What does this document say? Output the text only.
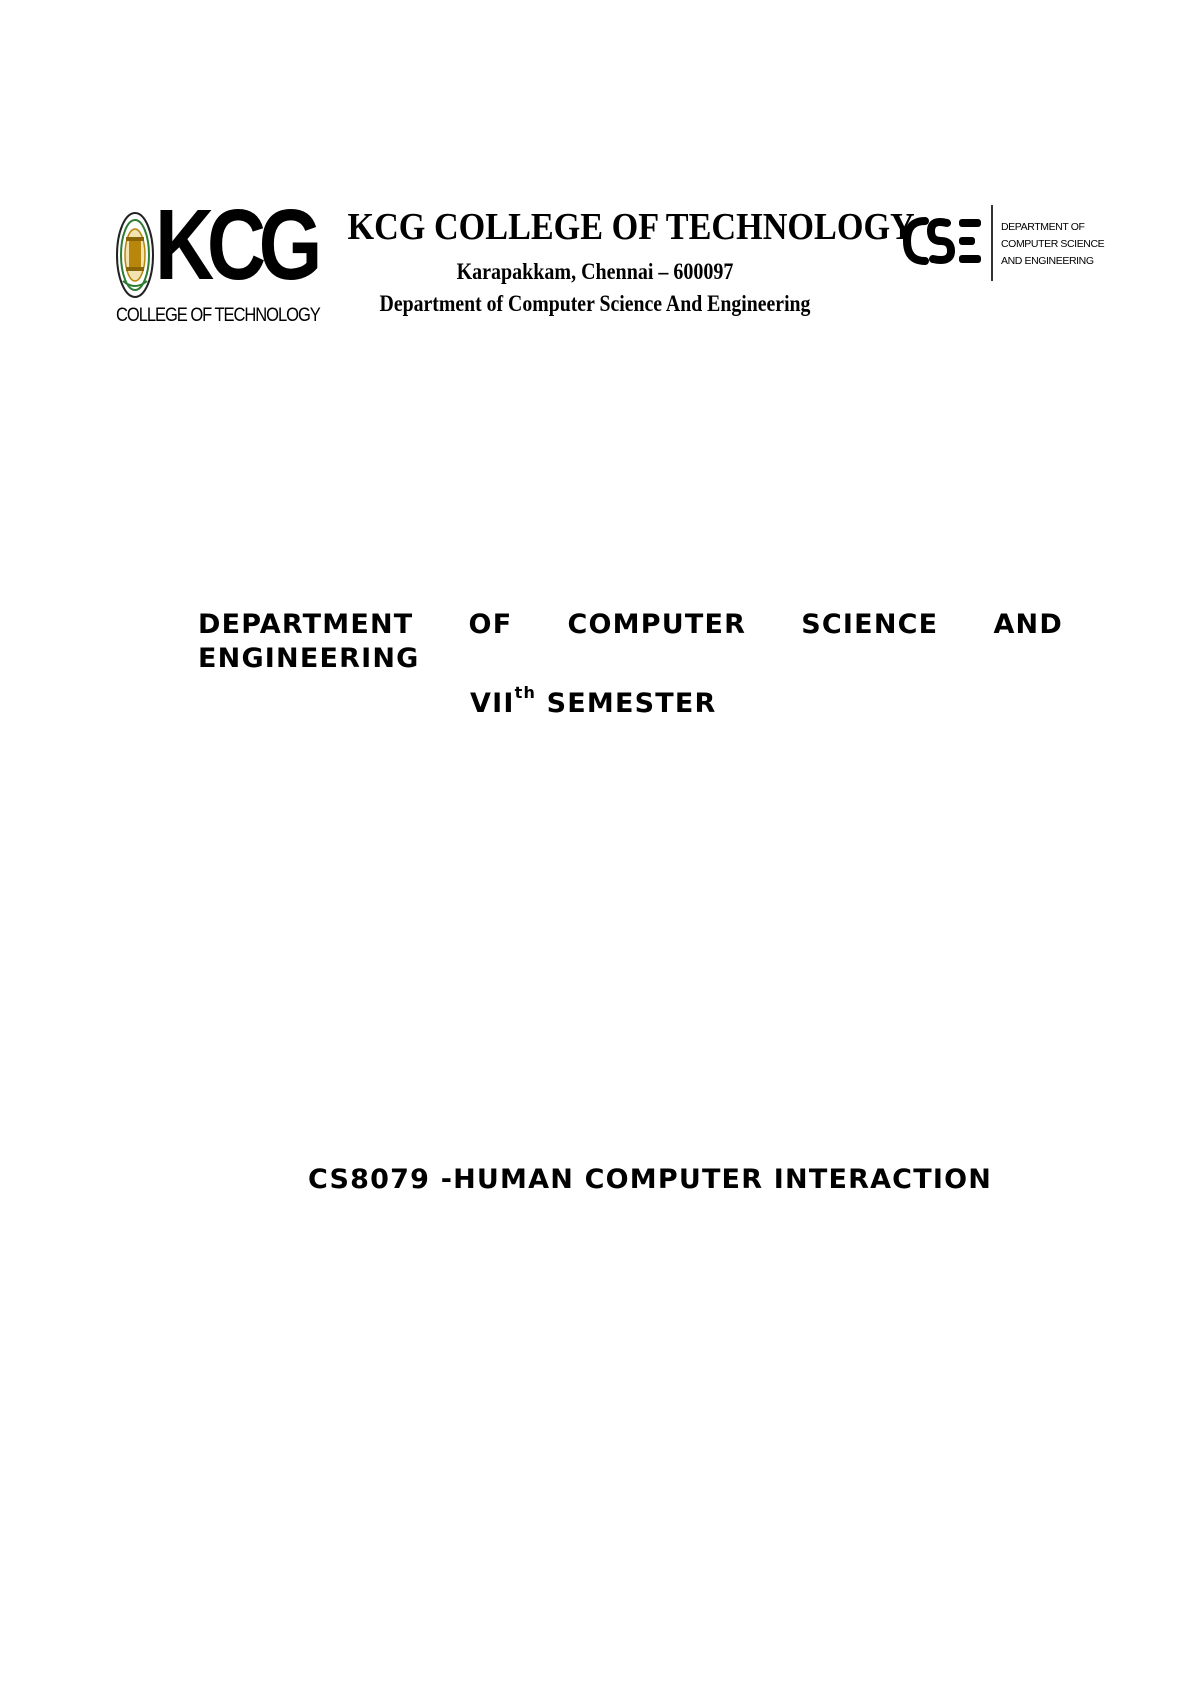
KCG
COLLEGE OF TECHNOLOGY
KCG COLLEGE OF TECHNOLOGY
Karapakkam, Chennai – 600097
Department of Computer Science And Engineering
DEPARTMENT OF
COMPUTER SCIENCE
AND ENGINEERING
DEPARTMENT OF COMPUTER SCIENCE AND
ENGINEERING
VIIth SEMESTER
CS8079 -HUMAN COMPUTER INTERACTION
